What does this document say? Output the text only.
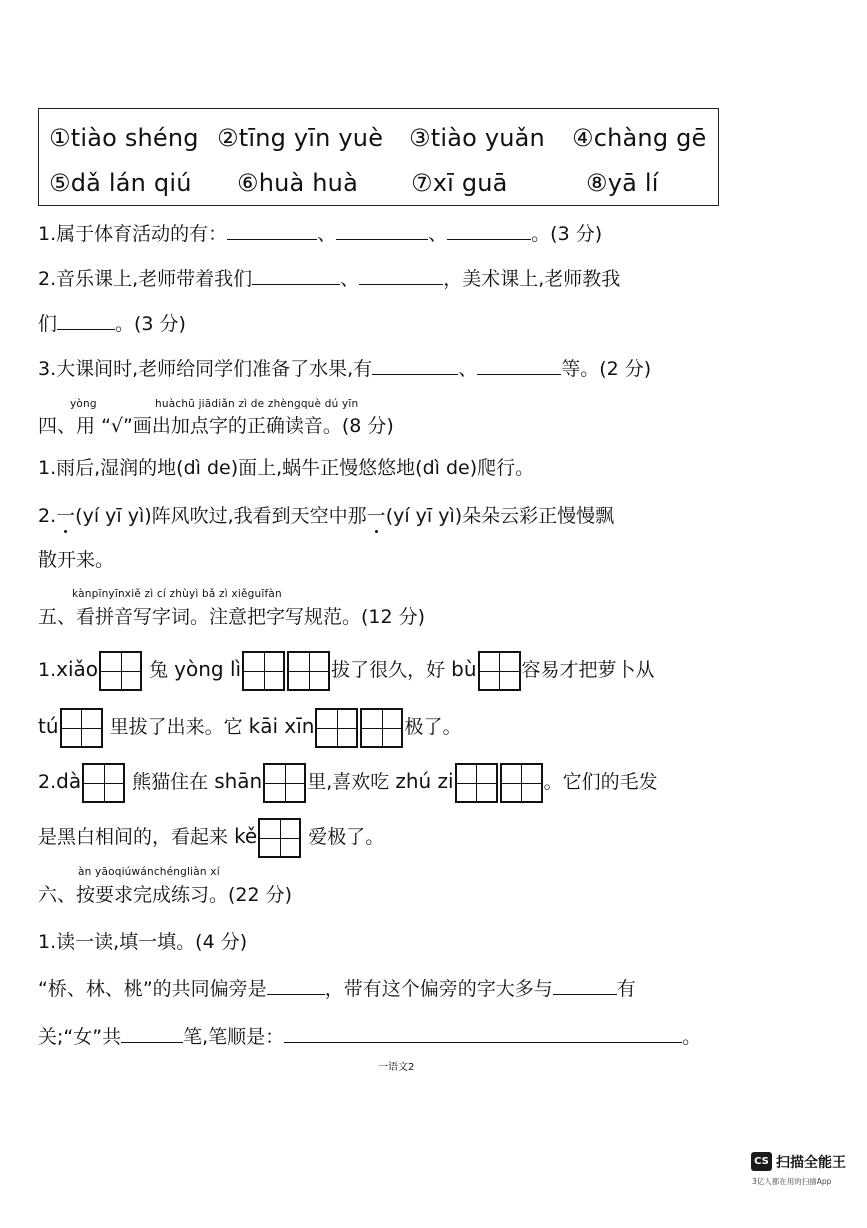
①tiào shéng ②tīng yīn yuè ③tiào yuǎn ④chàng gē
⑤dǎ lán qiú ⑥huà huà ⑦xī guā	⑧yā lí
1.属于体育活动的有：	、	、	。(3 分)
2.音乐课上,老师带着我们	、	，美术课上,老师教我
们	。(3 分)
3.大课间时,老师给同学们准备了水果,有	、	等。(2 分)
yòng	huàchū jiādiǎn zì de zhèngquè dú yīn
四、用 “√”画出加点字的正确读音。(8 分)
1.雨后,湿润的地(dì de)面上,蜗牛正慢悠悠地(dì de)爬行。
2.一(yí yī yì)阵风吹过,我看到天空中那一(yí yī yì)朵朵云彩正慢慢飘
散开来。
kànpīnyīnxiě zì cí zhùyì bǎ zì xiěguīfàn
五、看拼音写字词。注意把字写规范。(12 分)
1.xiǎo	兔 yòng lì	拔了很久，好 bù 容易才把萝卜从
tú	里拔了出来。它 kāi xīn	极了。
2.dà	熊猫住在 shān 里,喜欢吃 zhú zi	。它们的毛发
是黑白相间的，看起来 kě	爱极了。
àn yāoqiúwánchéngliàn xí
六、按要求完成练习。(22 分)
1.读一读,填一填。(4 分)
“桥、林、桃”的共同偏旁是	，带有这个偏旁的字大多与	有
关;“女”共	笔,笔顺是：	。
一语文2
CS 扫描全能王
3亿人都在用的扫描App
